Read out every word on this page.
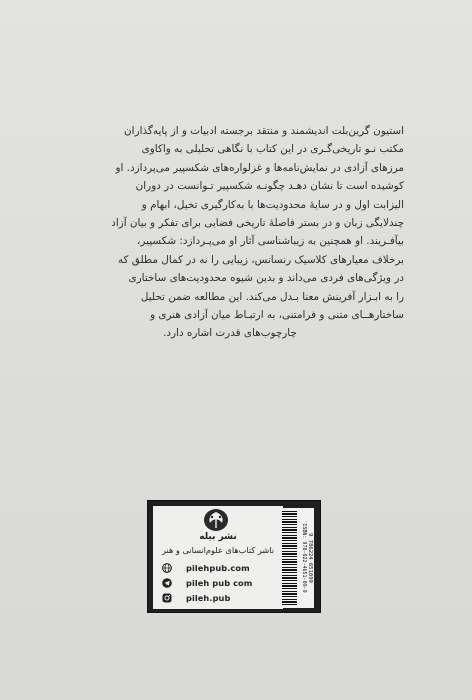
استیون گرین‌بلت اندیشمند و منتقد برجسته ادبیات و از پایه‌گذاران

مکتب نـو تاریخی‌گـری در این کتاب با نگاهی تحلیلی به واکاوی

مرزهای آزادی در نمایش‌نامه‌ها و غزلواره‌های شکسپیر می‌پردازد. او

کوشیده است تا نشان دهـد چگونـه شکسپیر تـوانست در دوران

الیزابت اول و در سایهٔ محدودیت‌ها با به‌کارگیری تخیل، ابهام و

چندلایگی زبان و در بستر فاصلهٔ تاریخی فضایی برای تفکر و بیان آزاد

بیآفـریند. او همچنین به زیباشناسی آثار او می‌پـردازد: شکسپیر،

برخلاف معیارهای کلاسیک رنسانس، زیبایی را نه در کمال مطلق که

در ویژگی‌های فردی می‌داند و بدین شیوه محدودیت‌های ساختاری

را به ابـزار آفرینش معنا بـدل می‌کند. این مطالعه ضمن تحلیل

ساختارهــای متنی و فرامتنی، به ارتبـاط میان آزادی هنری و

چارچوب‌های قدرت اشاره دارد.

نشر بیله
ناشر کتاب‌های علوم‌انسانی و هنر
pilehpub.com
pileh pub com
pileh.pub
ISBN: 978-622-4651-09-9 9 786224 651099
